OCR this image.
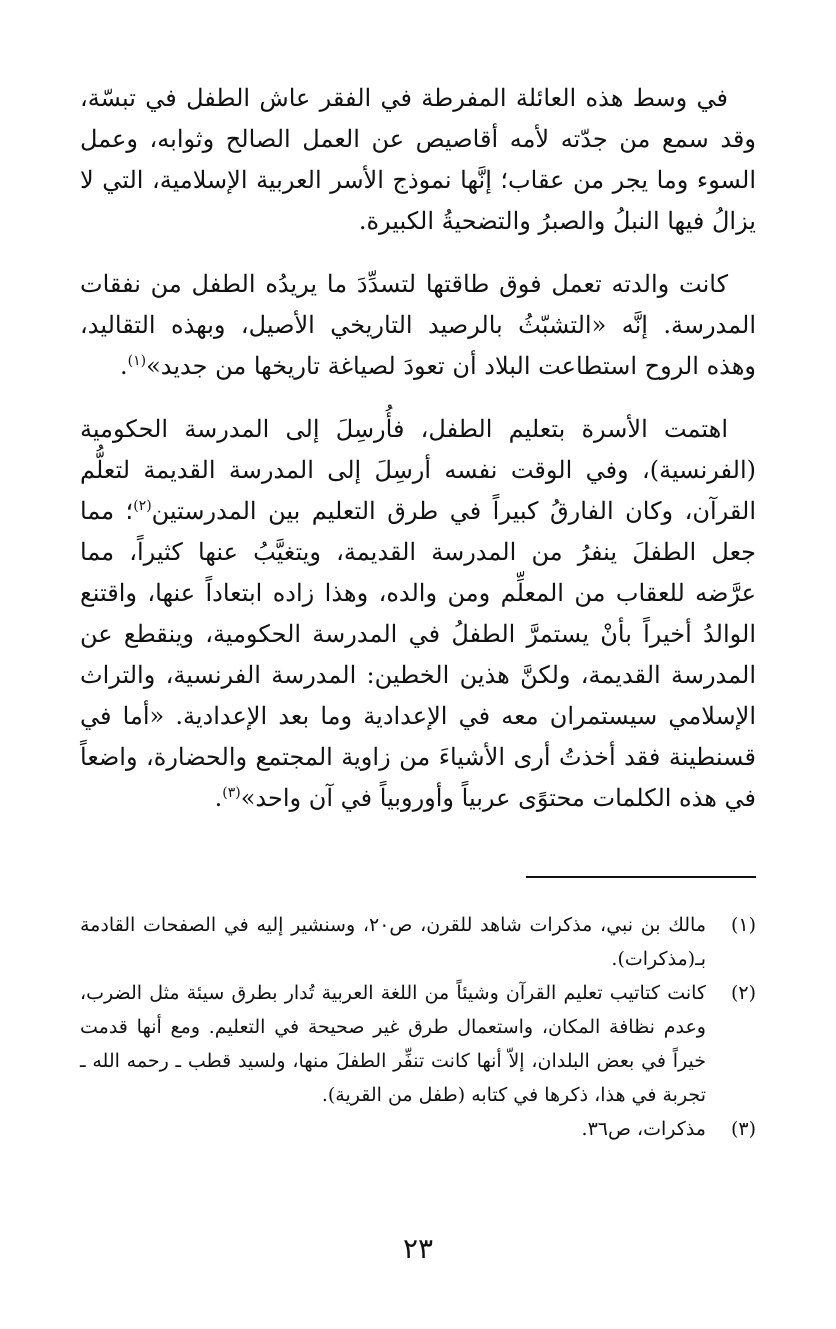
في وسط هذه العائلة المفرطة في الفقر عاش الطفل في تبسّة، وقد سمع من جدّته لأمه أقاصيص عن العمل الصالح وثوابه، وعمل السوء وما يجر من عقاب؛ إنَّها نموذج الأسر العربية الإسلامية، التي لا يزالُ فيها النبلُ والصبرُ والتضحيةُ الكبيرة.

كانت والدته تعمل فوق طاقتها لتسدِّدَ ما يريدُه الطفل من نفقات المدرسة. إنَّه «التشبّثُ بالرصيد التاريخي الأصيل، وبهذه التقاليد، وهذه الروح استطاعت البلاد أن تعودَ لصياغة تاريخها من جديد»$^{(١)}$.

اهتمت الأسرة بتعليم الطفل، فأُرسِلَ إلى المدرسة الحكومية (الفرنسية)، وفي الوقت نفسه أرسِلَ إلى المدرسة القديمة لتعلُّم القرآن، وكان الفارقُ كبيراً في طرق التعليم بين المدرستين$^{(٢)}$؛ مما جعل الطفلَ ينفرُ من المدرسة القديمة، ويتغيَّبُ عنها كثيراً، مما عرَّضه للعقاب من المعلِّم ومن والده، وهذا زاده ابتعاداً عنها، واقتنع الوالدُ أخيراً بأنْ يستمرَّ الطفلُ في المدرسة الحكومية، وينقطع عن المدرسة القديمة، ولكنَّ هذين الخطين: المدرسة الفرنسية، والتراث الإسلامي سيستمران معه في الإعدادية وما بعد الإعدادية. «أما في قسنطينة فقد أخذتُ أرى الأشياءَ من زاوية المجتمع والحضارة، واضعاً في هذه الكلمات محتوًى عربياً وأوروبياً في آن واحد»$^{(٣)}$.

(١)
مالك بن نبي، مذكرات شاهد للقرن، ص٢٠، وسنشير إليه في الصفحات القادمة بـ(مذكرات).
(٢)
كانت كتاتيب تعليم القرآن وشيئاً من اللغة العربية تُدار بطرق سيئة مثل الضرب، وعدم نظافة المكان، واستعمال طرق غير صحيحة في التعليم. ومع أنها قدمت خيراً في بعض البلدان، إلاّ أنها كانت تنفِّر الطفلَ منها، ولسيد قطب ـ رحمه الله ـ تجربة في هذا، ذكرها في كتابه (طفل من القرية).
(٣)
مذكرات، ص٣٦.
٢٣
